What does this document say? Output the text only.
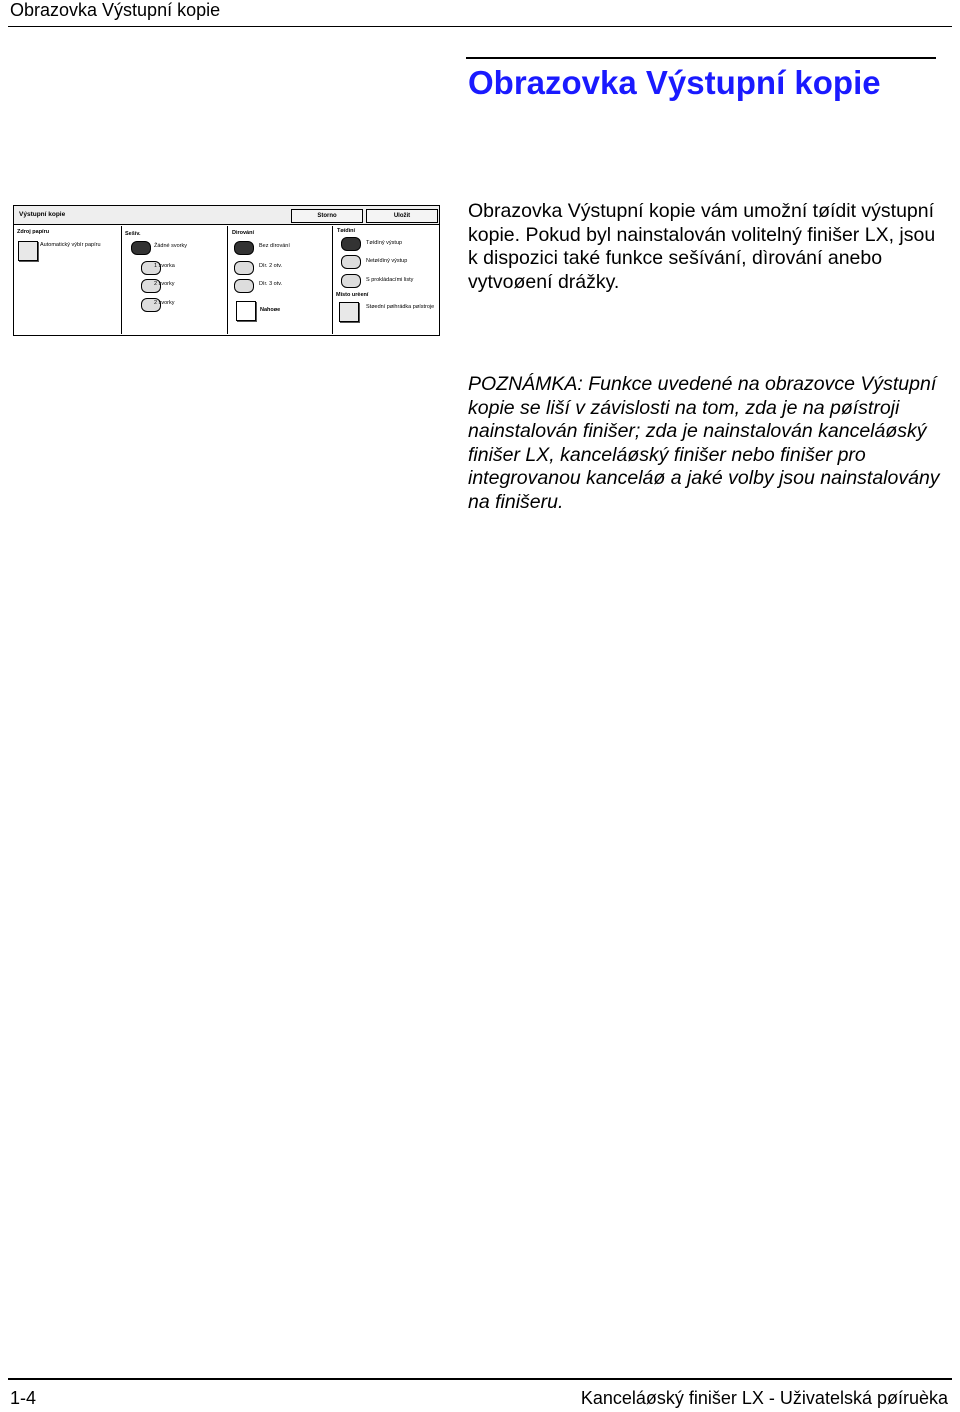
Obrazovka Výstupní kopie
Obrazovka Výstupní kopie
Výstupní kopie	Storno	Uložit
Zdroj papíru
Automatický výbìr papíru
Sešív.
Žádné svorky
1 svorka
2 svorky
2 svorky
Dìrování
Bez dìrování
Dìr. 2 otv.
Dìr. 3 otv.
Nahoøe
Tøídìní
Tøídìný výstup
Netøídìný výstup
S prokládacími listy
Místo urèení
Støední pøihrádka pøístroje
Obrazovka Výstupní kopie vám umožní tøídit výstupní kopie. Pokud byl nainstalován volitelný finišer LX, jsou k dispozici také funkce sešívání, dìrování anebo vytvoøení drážky.
POZNÁMKA: Funkce uvedené na obrazovce Výstupní kopie se liší v závislosti na tom, zda je na pøístroji nainstalován finišer; zda je nainstalován kanceláøský finišer LX, kanceláøský finišer nebo finišer pro integrovanou kanceláø a jaké volby jsou nainstalovány na finišeru.
1-4	Kanceláøský finišer LX - Uživatelská pøíruèka
